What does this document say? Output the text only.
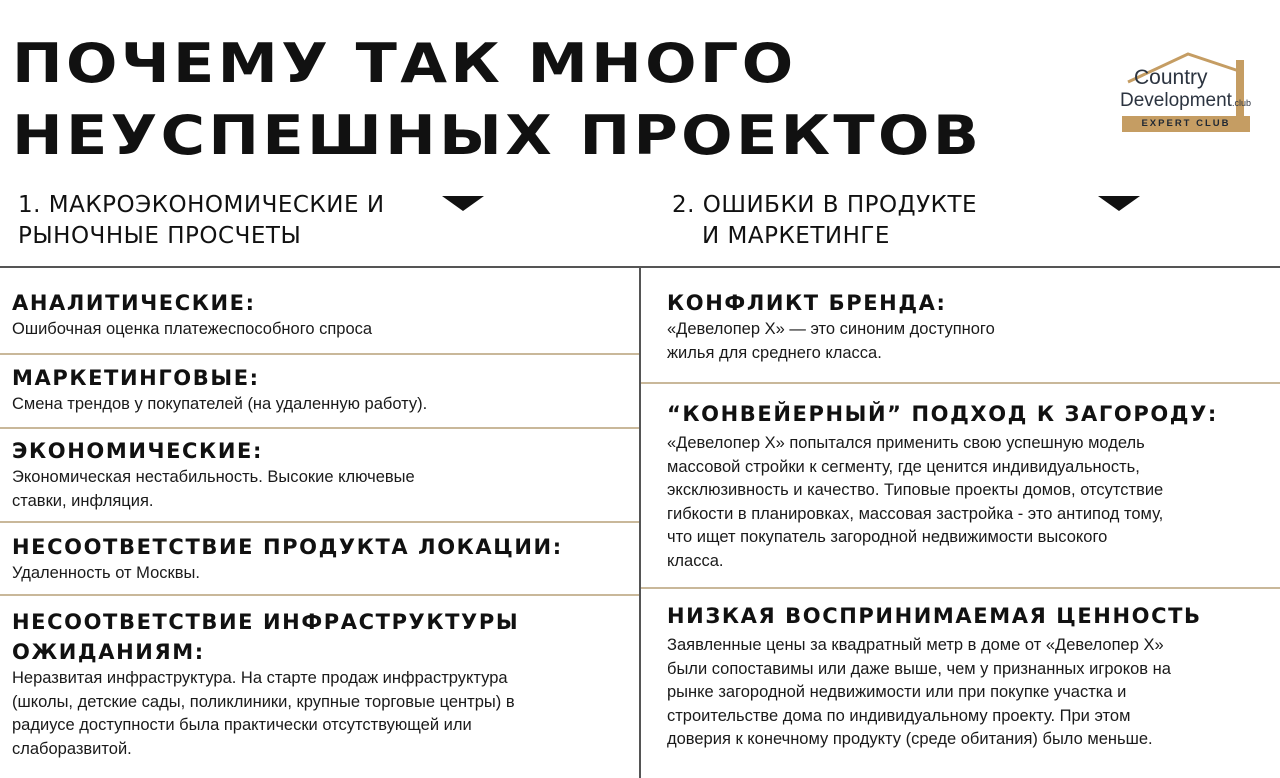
ПОЧЕМУ ТАК МНОГО
НЕУСПЕШНЫХ ПРОЕКТОВ
Country
Development.club
EXPERT CLUB
1. МАКРОЭКОНОМИЧЕСКИЕ И
РЫНОЧНЫЕ ПРОСЧЕТЫ
2. ОШИБКИ В ПРОДУКТЕ
И МАРКЕТИНГЕ
АНАЛИТИЧЕСКИЕ:
Ошибочная оценка платежеспособного спроса
МАРКЕТИНГОВЫЕ:
Смена трендов у покупателей (на удаленную работу).
ЭКОНОМИЧЕСКИЕ:
Экономическая нестабильность. Высокие ключевые
ставки, инфляция.
НЕСООТВЕТСТВИЕ ПРОДУКТА ЛОКАЦИИ:
Удаленность от Москвы.
НЕСООТВЕТСТВИЕ ИНФРАСТРУКТУРЫ
ОЖИДАНИЯМ:
Неразвитая инфраструктура. На старте продаж инфраструктура
(школы, детские сады, поликлиники, крупные торговые центры) в
радиусе доступности была практически отсутствующей или
слаборазвитой.
КОНФЛИКТ БРЕНДА:
«Девелопер Х» — это синоним доступного
жилья для среднего класса.
“КОНВЕЙЕРНЫЙ” ПОДХОД К ЗАГОРОДУ:
«Девелопер Х» попытался применить свою успешную модель
массовой стройки к сегменту, где ценится индивидуальность,
эксклюзивность и качество. Типовые проекты домов, отсутствие
гибкости в планировках, массовая застройка - это антипод тому,
что ищет покупатель загородной недвижимости высокого
класса.
НИЗКАЯ ВОСПРИНИМАЕМАЯ ЦЕННОСТЬ
Заявленные цены за квадратный метр в доме от «Девелопер Х»
были сопоставимы или даже выше, чем у признанных игроков на
рынке загородной недвижимости или при покупке участка и
строительстве дома по индивидуальному проекту. При этом
доверия к конечному продукту (среде обитания) было меньше.
